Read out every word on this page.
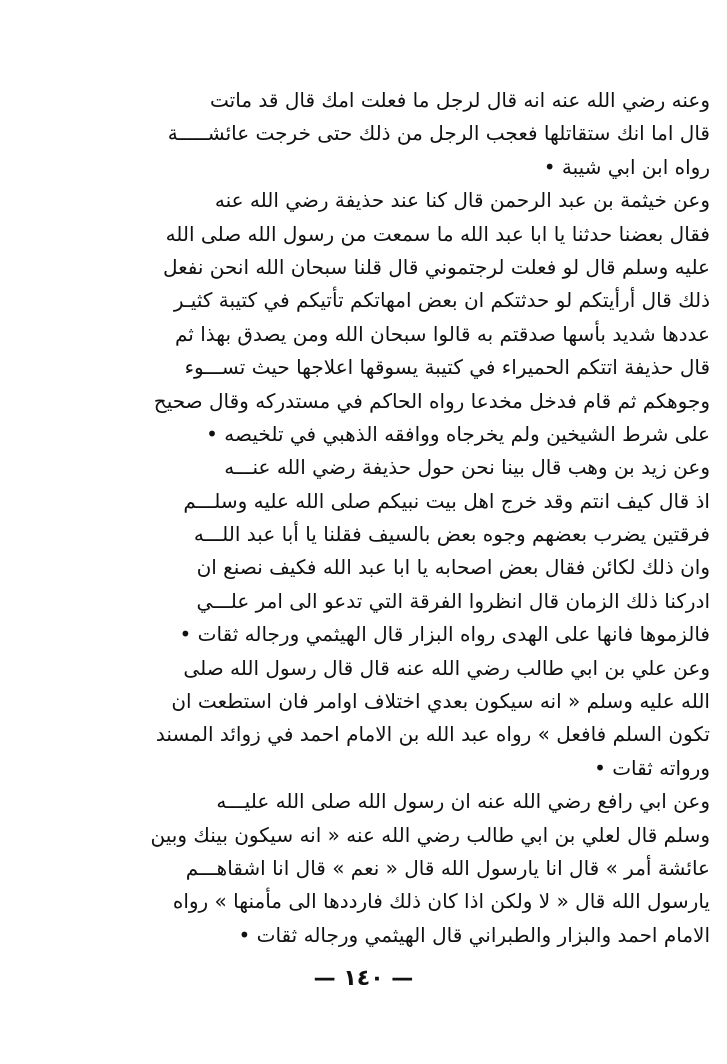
وعنه رضي الله عنه انه قال لرجل ما فعلت امك قال قد ماتت
قال اما انك ستقاتلها فعجب الرجل من ذلك حتى خرجت عائشـــــة
رواه ابن ابي شيبة •
وعن خيثمة بن عبد الرحمن قال كنا عند حذيفة رضي الله عنه
فقال بعضنا حدثنا يا ابا عبد الله ما سمعت من رسول الله صلى الله
عليه وسلم قال لو فعلت لرجتموني قال قلنا سبحان الله انحن نفعل
ذلك قال أرأيتكم لو حدثتكم ان بعض امهاتكم تأتيكم في كتيبة كثيـر
عددها شديد بأسها صدقتم به قالوا سبحان الله ومن يصدق بهذا ثم
قال حذيفة اتتكم الحميراء في كتيبة يسوقها اعلاجها حيث تســـوء
وجوهكم ثم قام فدخل مخدعا رواه الحاكم في مستدركه وقال صحيح
على شرط الشيخين ولم يخرجاه ووافقه الذهبي في تلخيصه •
وعن زيد بن وهب قال بينا نحن حول حذيفة رضي الله عنـــه
اذ قال كيف انتم وقد خرج اهل بيت نبيكم صلى الله عليه وسلـــم
فرقتين يضرب بعضهم وجوه بعض بالسيف فقلنا يا أبا عبد اللـــه
وان ذلك لكائن فقال بعض اصحابه يا ابا عبد الله فكيف نصنع ان
ادركنا ذلك الزمان قال انظروا الفرقة التي تدعو الى امر علـــي
فالزموها فانها على الهدى رواه البزار قال الهيثمي ورجاله ثقات •
وعن علي بن ابي طالب رضي الله عنه قال قال رسول الله صلى
الله عليه وسلم « انه سيكون بعدي اختلاف اوامر فان استطعت ان
تكون السلم فافعل » رواه عبد الله بن الامام احمد في زوائد المسند
ورواته ثقات •
وعن ابي رافع رضي الله عنه ان رسول الله صلى الله عليـــه
وسلم قال لعلي بن ابي طالب رضي الله عنه « انه سيكون بينك وبين
عائشة أمر » قال انا يارسول الله قال « نعم » قال انا اشقاهـــم
يارسول الله قال « لا ولكن اذا كان ذلك فارددها الى مأمنها » رواه
الامام احمد والبزار والطبراني قال الهيثمي ورجاله ثقات •
— ١٤٠ —
